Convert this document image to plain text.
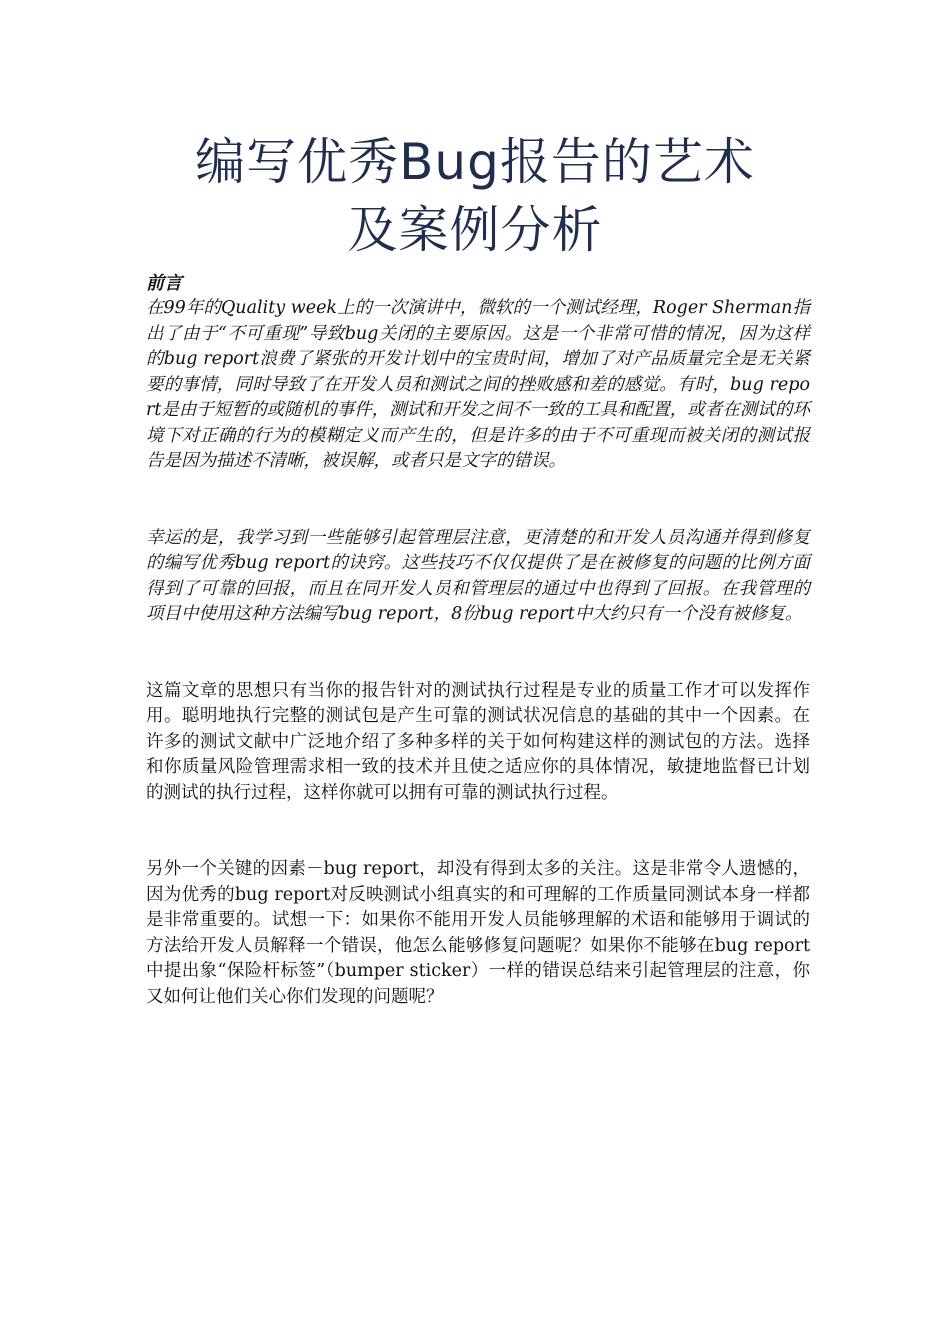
编写优秀Bug报告的艺术
及案例分析

前言

在99年的Quality week上的一次演讲中，微软的一个测试经理，Roger Sherman指出了由于“不可重现”导致bug关闭的主要原因。这是一个非常可惜的情况，因为这样的bug report浪费了紧张的开发计划中的宝贵时间，增加了对产品质量完全是无关紧要的事情，同时导致了在开发人员和测试之间的挫败感和差的感觉。有时，bug report是由于短暂的或随机的事件，测试和开发之间不一致的工具和配置，或者在测试的环境下对正确的行为的模糊定义而产生的，但是许多的由于不可重现而被关闭的测试报告是因为描述不清晰，被误解，或者只是文字的错误。

幸运的是，我学习到一些能够引起管理层注意，更清楚的和开发人员沟通并得到修复的编写优秀bug report的诀窍。这些技巧不仅仅提供了是在被修复的问题的比例方面得到了可靠的回报，而且在同开发人员和管理层的通过中也得到了回报。在我管理的项目中使用这种方法编写bug report，8份bug report中大约只有一个没有被修复。

这篇文章的思想只有当你的报告针对的测试执行过程是专业的质量工作才可以发挥作用。聪明地执行完整的测试包是产生可靠的测试状况信息的基础的其中一个因素。在许多的测试文献中广泛地介绍了多种多样的关于如何构建这样的测试包的方法。选择和你质量风险管理需求相一致的技术并且使之适应你的具体情况，敏捷地监督已计划的测试的执行过程，这样你就可以拥有可靠的测试执行过程。

另外一个关键的因素－bug report，却没有得到太多的关注。这是非常令人遗憾的，因为优秀的bug report对反映测试小组真实的和可理解的工作质量同测试本身一样都是非常重要的。试想一下：如果你不能用开发人员能够理解的术语和能够用于调试的方法给开发人员解释一个错误，他怎么能够修复问题呢？如果你不能够在bug report中提出象“保险杆标签”（bumper sticker）一样的错误总结来引起管理层的注意，你又如何让他们关心你们发现的问题呢？
